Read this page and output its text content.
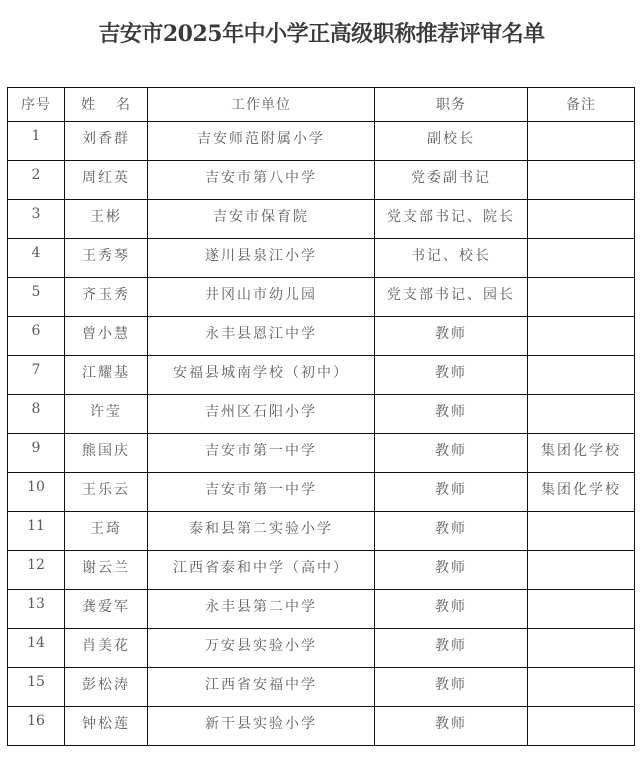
吉安市2025年中小学正高级职称推荐评审名单
序号	姓 名	工作单位	职务	备注
1	刘香群	吉安师范附属小学	副校长	
2	周红英	吉安市第八中学	党委副书记	
3	王彬	吉安市保育院	党支部书记、院长	
4	王秀琴	遂川县泉江小学	书记、校长	
5	齐玉秀	井冈山市幼儿园	党支部书记、园长	
6	曾小慧	永丰县恩江中学	教师	
7	江耀基	安福县城南学校（初中）	教师	
8	许莹	吉州区石阳小学	教师	
9	熊国庆	吉安市第一中学	教师	集团化学校
10	王乐云	吉安市第一中学	教师	集团化学校
11	王琦	泰和县第二实验小学	教师	
12	谢云兰	江西省泰和中学（高中）	教师	
13	龚爱军	永丰县第二中学	教师	
14	肖美花	万安县实验小学	教师	
15	彭松涛	江西省安福中学	教师	
16	钟松莲	新干县实验小学	教师	
